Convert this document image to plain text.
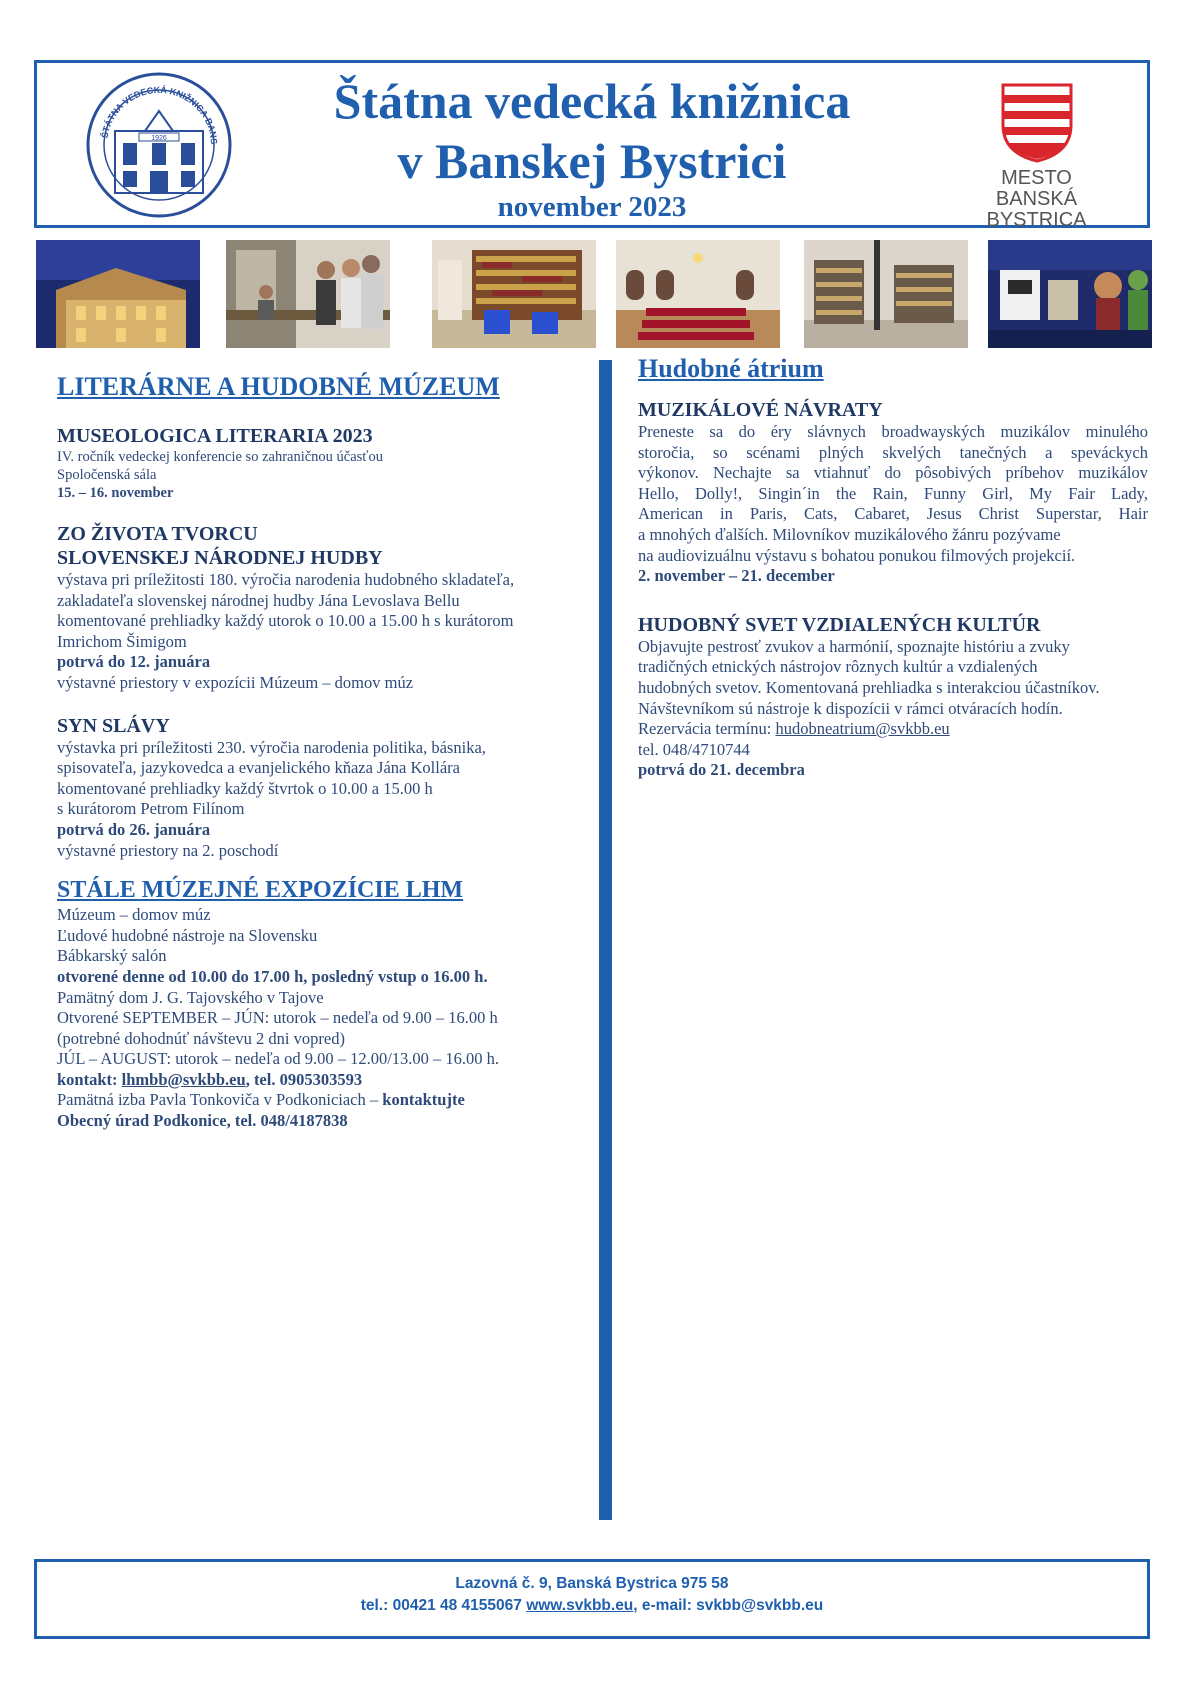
ŠTÁTNA VEDECKÁ KNIŽNICA BANS
1926
Štátna vedecká knižnica
v Banskej Bystrici
november 2023
MESTO
BANSKÁ BYSTRICA
LITERÁRNE A HUDOBNÉ MÚZEUM
MUSEOLOGICA LITERARIA 2023
IV. ročník vedeckej konferencie so zahraničnou účasťou
Spoločenská sála
15. – 16. november
ZO ŽIVOTA TVORCU
SLOVENSKEJ NÁRODNEJ HUDBY
výstava pri príležitosti 180. výročia narodenia hudobného skladateľa,
zakladateľa slovenskej národnej hudby Jána Levoslava Bellu
komentované prehliadky každý utorok o 10.00 a 15.00 h s kurátorom
Imrichom Šimigom
potrvá do 12. januára
výstavné priestory v expozícii Múzeum – domov múz
SYN SLÁVY
výstavka pri príležitosti 230. výročia narodenia politika, básnika,
spisovateľa, jazykovedca a evanjelického kňaza Jána Kollára
komentované prehliadky každý štvrtok o 10.00 a 15.00 h
s kurátorom Petrom Filínom
potrvá do 26. januára
výstavné priestory na 2. poschodí
STÁLE MÚZEJNÉ EXPOZÍCIE LHM
Múzeum – domov múz
Ľudové hudobné nástroje na Slovensku
Bábkarský salón
otvorené denne od 10.00 do 17.00 h, posledný vstup o 16.00 h.
Pamätný dom J. G. Tajovského v Tajove
Otvorené SEPTEMBER – JÚN: utorok – nedeľa od 9.00 – 16.00 h
(potrebné dohodnúť návštevu 2 dni vopred)
JÚL – AUGUST: utorok – nedeľa od 9.00 – 12.00/13.00 – 16.00 h.
kontakt: lhmbb@svkbb.eu, tel. 0905303593
Pamätná izba Pavla Tonkoviča v Podkoniciach – kontaktujte
Obecný úrad Podkonice, tel. 048/4187838
Hudobné átrium
MUZIKÁLOVÉ NÁVRATY
Preneste sa do éry slávnych broadwayských muzikálov minulého
storočia, so scénami plných skvelých tanečných a speváckych
výkonov. Nechajte sa vtiahnuť do pôsobivých príbehov muzikálov
Hello, Dolly!, Singin´in the Rain, Funny Girl, My Fair Lady,
American in Paris, Cats, Cabaret, Jesus Christ Superstar, Hair
a mnohých ďalších. Milovníkov muzikálového žánru pozývame
na audiovizuálnu výstavu s bohatou ponukou filmových projekcií.
2. november – 21. december
HUDOBNÝ SVET VZDIALENÝCH KULTÚR
Objavujte pestrosť zvukov a harmónií, spoznajte históriu a zvuky
tradičných etnických nástrojov rôznych kultúr a vzdialených
hudobných svetov. Komentovaná prehliadka s interakciou účastníkov.
Návštevníkom sú nástroje k dispozícii v rámci otváracích hodín.
Rezervácia termínu: hudobneatrium@svkbb.eu
tel. 048/4710744
potrvá do 21. decembra
Lazovná č. 9, Banská Bystrica 975 58
tel.: 00421 48 4155067 www.svkbb.eu, e-mail: svkbb@svkbb.eu
